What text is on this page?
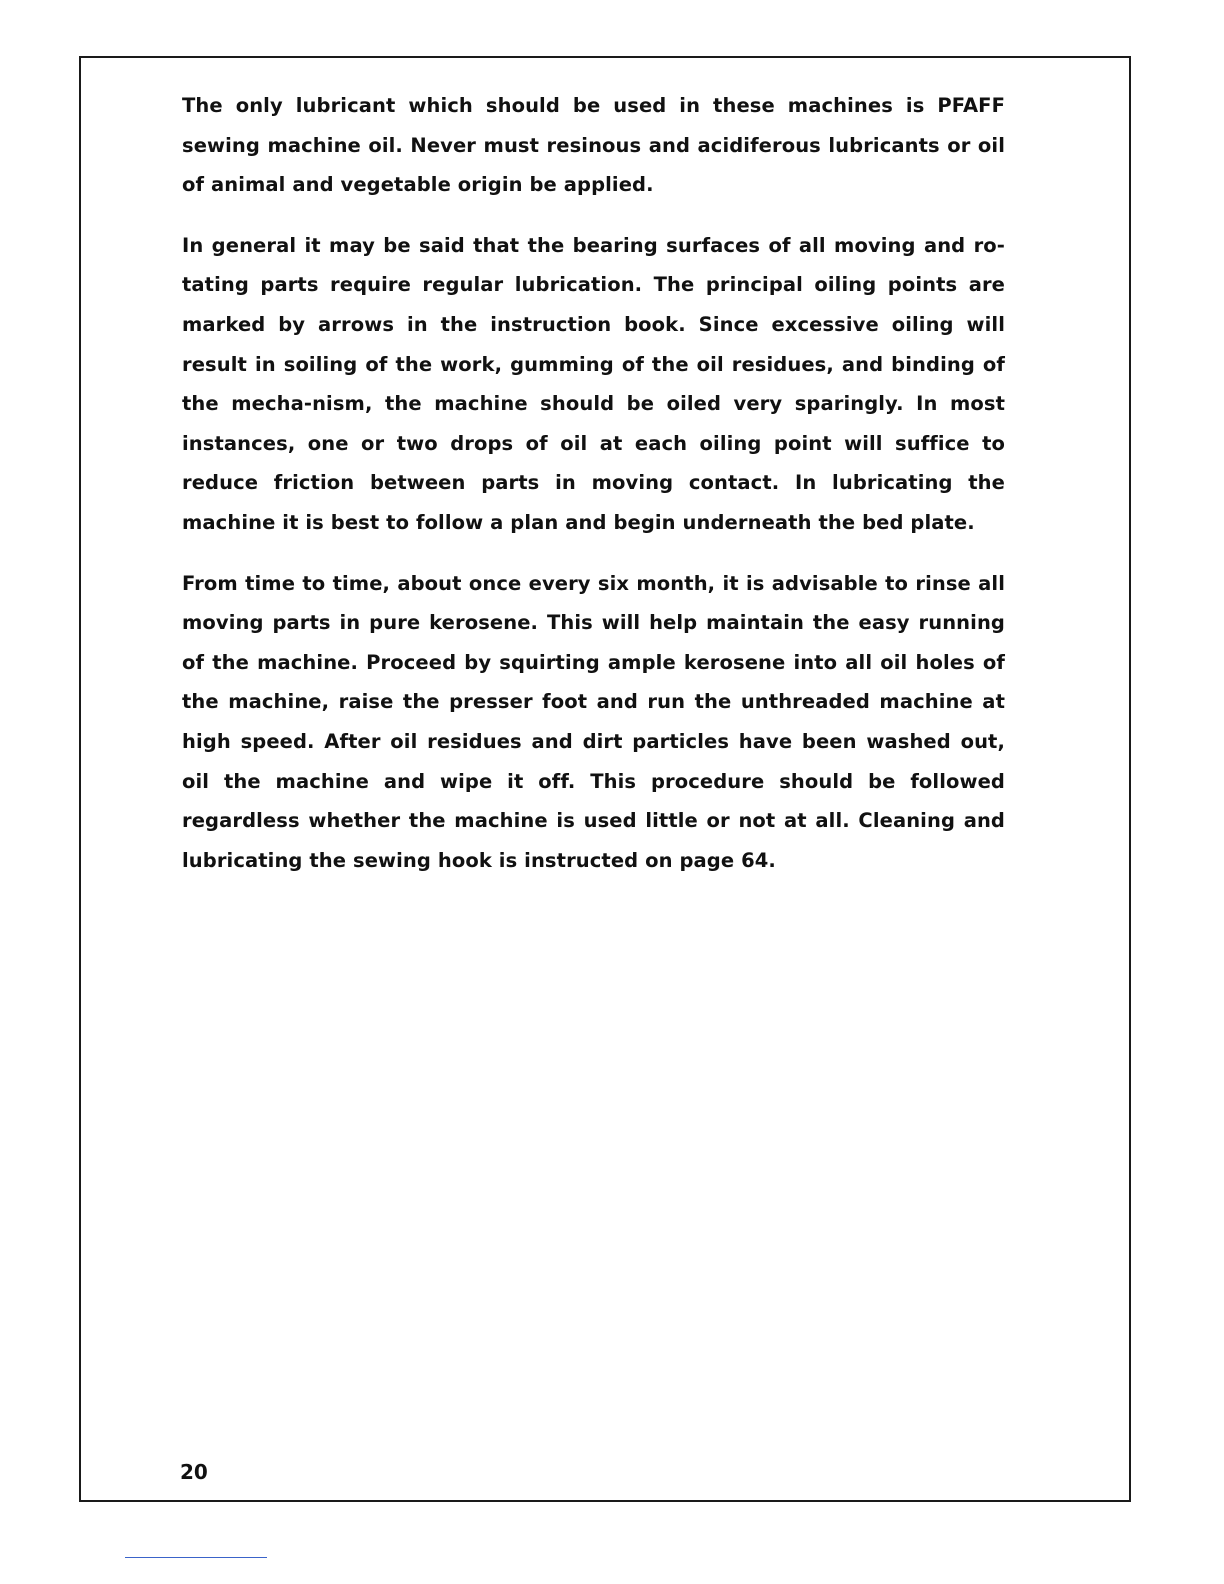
The only lubricant which should be used in these machines is PFAFF sewing machine oil. Never must resinous and acidiferous lubricants or oil of animal and vegetable origin be applied.

In general it may be said that the bearing surfaces of all moving and ro-tating parts require regular lubrication. The principal oiling points are marked by arrows in the instruction book. Since excessive oiling will result in soiling of the work, gumming of the oil residues, and binding of the mecha-nism, the machine should be oiled very sparingly. In most instances, one or two drops of oil at each oiling point will suffice to reduce friction between parts in moving contact. In lubricating the machine it is best to follow a plan and begin underneath the bed plate.

From time to time, about once every six month, it is advisable to rinse all moving parts in pure kerosene. This will help maintain the easy running of the machine. Proceed by squirting ample kerosene into all oil holes of the machine, raise the presser foot and run the unthreaded machine at high speed. After oil residues and dirt particles have been washed out, oil the machine and wipe it off. This procedure should be followed regardless whether the machine is used little or not at all. Cleaning and lubricating the sewing hook is instructed on page 64.

20
